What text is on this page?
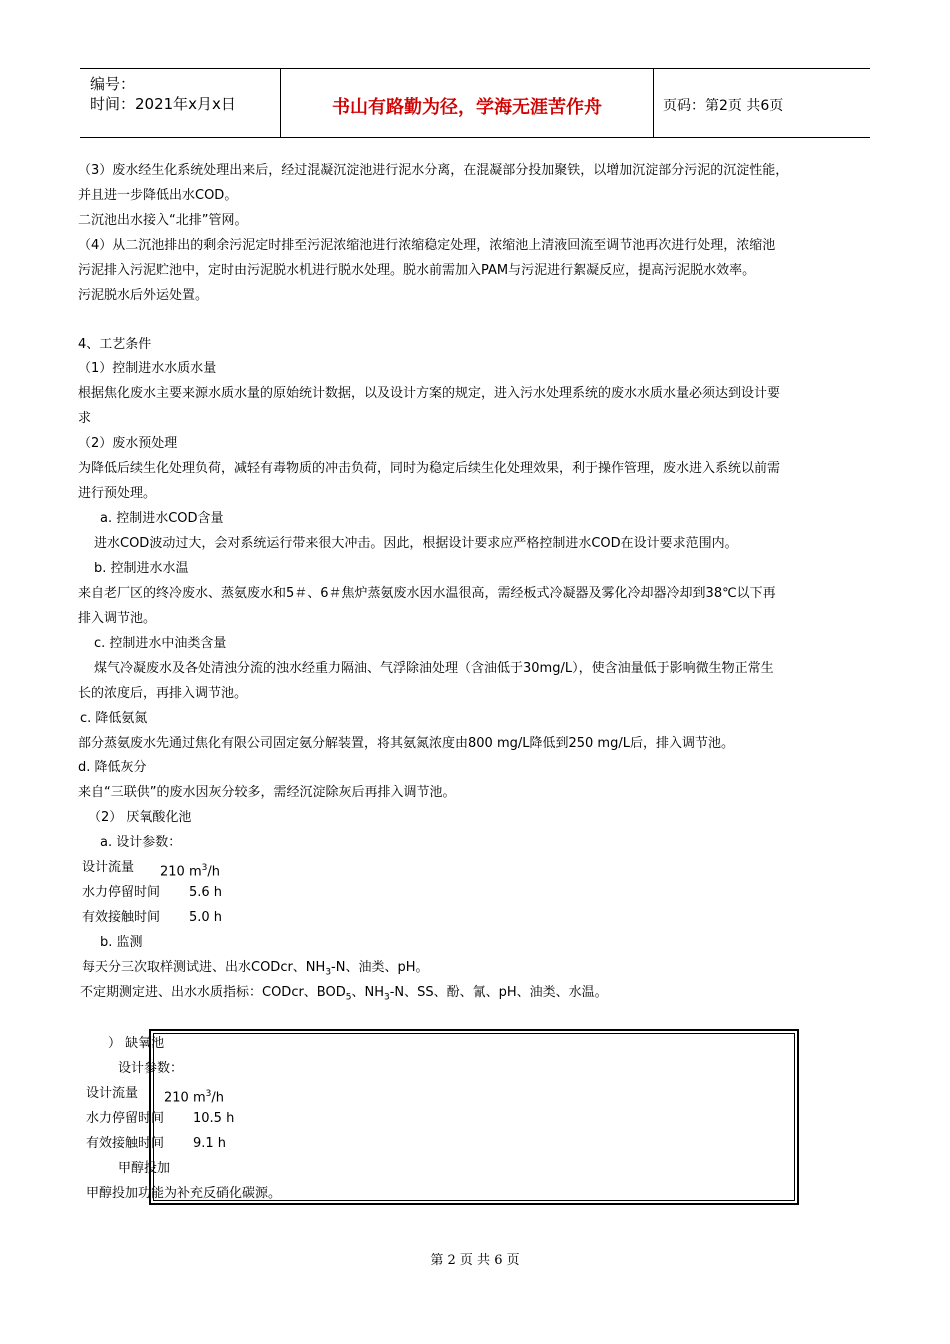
编号：
时间：2021年x月x日	书山有路勤为径，学海无涯苦作舟	页码：第2页 共6页
（3）废水经生化系统处理出来后，经过混凝沉淀池进行泥水分离，在混凝部分投加聚铁，以增加沉淀部分污泥的沉淀性能，
并且进一步降低出水COD。
二沉池出水接入“北排”管网。
（4）从二沉池排出的剩余污泥定时排至污泥浓缩池进行浓缩稳定处理，浓缩池上清液回流至调节池再次进行处理，浓缩池
污泥排入污泥贮池中，定时由污泥脱水机进行脱水处理。脱水前需加入PAM与污泥进行絮凝反应，提高污泥脱水效率。
污泥脱水后外运处置。
4、工艺条件
（1）控制进水水质水量
根据焦化废水主要来源水质水量的原始统计数据，以及设计方案的规定，进入污水处理系统的废水水质水量必须达到设计要
求
（2）废水预处理
为降低后续生化处理负荷，减轻有毒物质的冲击负荷，同时为稳定后续生化处理效果，利于操作管理，废水进入系统以前需
进行预处理。
a. 控制进水COD含量
进水COD波动过大，会对系统运行带来很大冲击。因此，根据设计要求应严格控制进水COD在设计要求范围内。
b. 控制进水水温
来自老厂区的终冷废水、蒸氨废水和5＃、6＃焦炉蒸氨废水因水温很高，需经板式冷凝器及雾化冷却器冷却到38℃以下再
排入调节池。
c. 控制进水中油类含量
煤气冷凝废水及各处清浊分流的浊水经重力隔油、气浮除油处理（含油低于30mg/L），使含油量低于影响微生物正常生
长的浓度后，再排入调节池。
c. 降低氨氮
部分蒸氨废水先通过焦化有限公司固定氨分解装置，将其氨氮浓度由800 mg/L降低到250 mg/L后，排入调节池。
d. 降低灰分
来自“三联供”的废水因灰分较多，需经沉淀除灰后再排入调节池。
（2） 厌氧酸化池
a. 设计参数：
设计流量 210 $m^3/h$
水力停留时间 5.6 h
有效接触时间 5.0 h
b. 监测
每天分三次取样测试进、出水CODcr、$NH_3-N$、油类、pH。
不定期测定进、出水水质指标：CODcr、$BOD_5$、$NH_3-N$、SS、酚、氰、pH、油类、水温。
） 缺氧池
设计参数：
设计流量 210 $m^3/h$
水力停留时间 10.5 h
有效接触时间 9.1 h
甲醇投加
甲醇投加功能为补充反硝化碳源。
第 2 页 共 6 页
